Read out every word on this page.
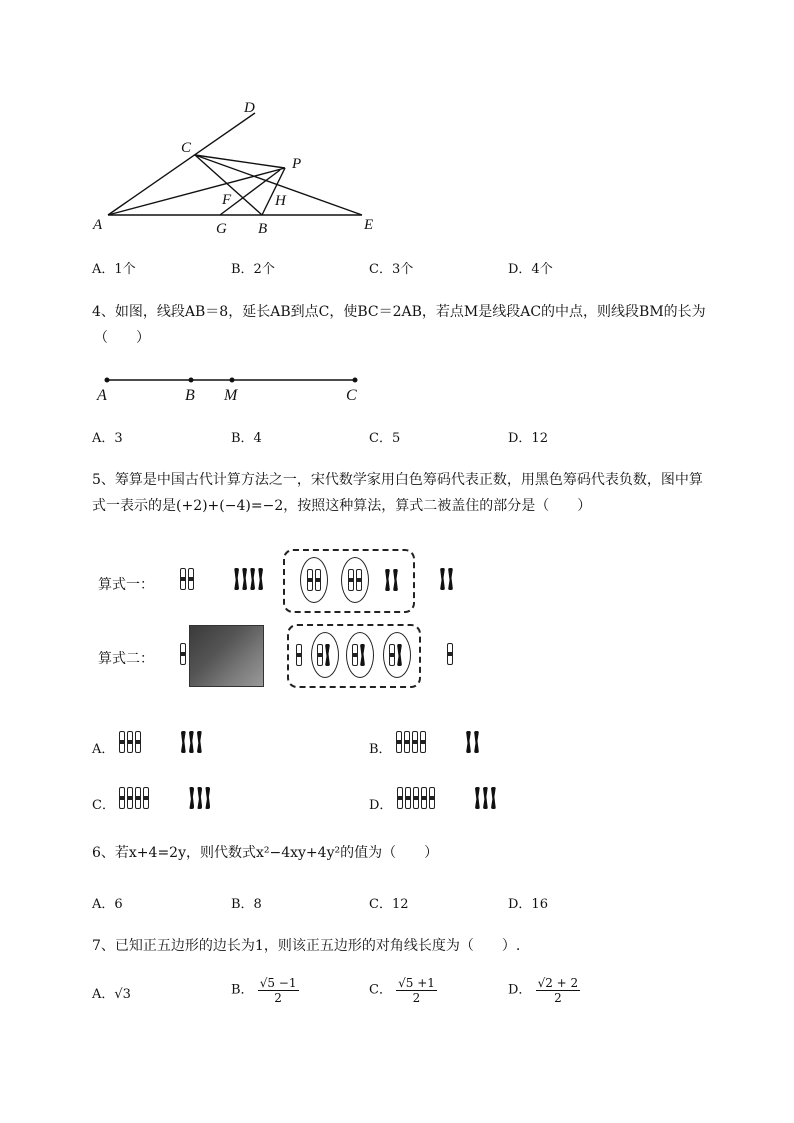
D
C
P
F	H
A	G B	E
A．1个	B．2个	C．3个	D．4个
4、如图，线段AB＝8，延长AB到点C，使BC＝2AB，若点M是线段AC的中点，则线段BM的长为
（　　）
A	B M	C
A．3	B．4	C．5	D．12
5、筹算是中国古代计算方法之一，宋代数学家用白色筹码代表正数，用黑色筹码代表负数，图中算
式一表示的是(+2)+(−4)=−2，按照这种算法，算式二被盖住的部分是（　　）
算式一：

算式二：
A．	B．
C．	D．
6、若x+4=2y，则代数式x²−4xy+4y²的值为（　　）
A．6	B．8	C．12	D．16
7、已知正五边形的边长为1，则该正五边形的对角线长度为（　　）.
A．√3	B． $\frac{√5 -1}{2}$	C． $\frac{√5 +1}{2}$	D． $\frac{√2 + 2}{2}$
